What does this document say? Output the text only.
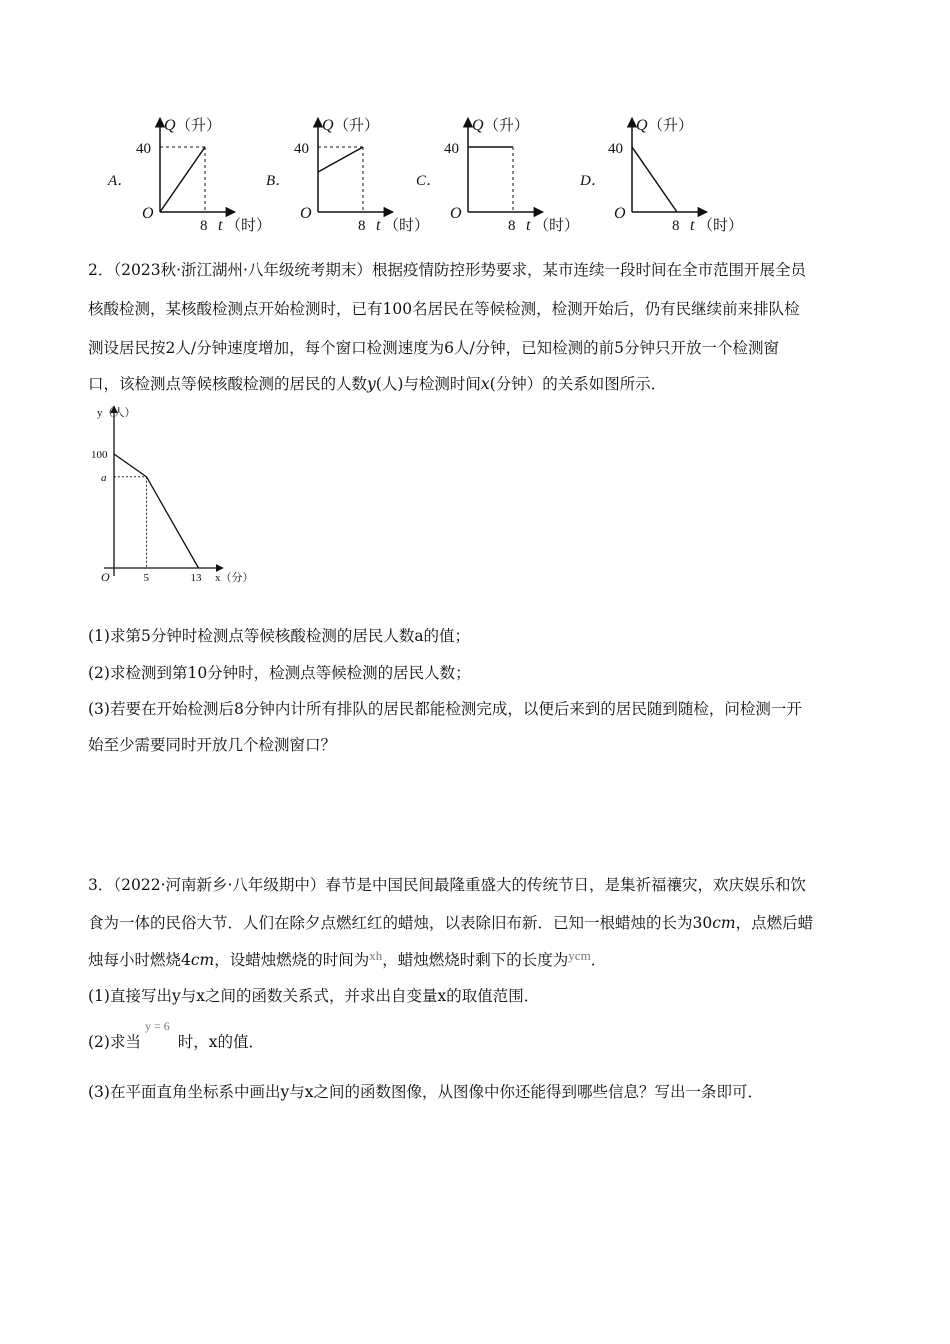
A．
Q （升）
40
O
8 t （时）
B．
Q （升）
40
O
8 t （时）
C．
Q （升）
40
O
8 t （时）
D．
Q （升）
40
O
8 t （时）
2．（2023秋·浙江湖州·八年级统考期末）根据疫情防控形势要求，某市连续一段时间在全市范围开展全员
核酸检测，某核酸检测点开始检测时，已有100名居民在等候检测，检测开始后，仍有民继续前来排队检
测设居民按2人/分钟速度增加，每个窗口检测速度为6人/分钟，已知检测的前5分钟只开放一个检测窗
口，该检测点等候核酸检测的居民的人数y(人)与检测时间x(分钟）的关系如图所示．
y（人）
x（分）
O
100
a
5	13
(1)求第5分钟时检测点等候核酸检测的居民人数a的值；
(2)求检测到第10分钟时，检测点等候检测的居民人数；
(3)若要在开始检测后8分钟内计所有排队的居民都能检测完成，以便后来到的居民随到随检，问检测一开
始至少需要同时开放几个检测窗口？
3．（2022·河南新乡·八年级期中）春节是中国民间最隆重盛大的传统节日，是集祈福禳灾，欢庆娱乐和饮
食为一体的民俗大节．人们在除夕点燃红红的蜡烛，以表除旧布新．已知一根蜡烛的长为30cm，点燃后蜡
烛每小时燃烧4cm，设蜡烛燃烧的时间为$^{xh}$，蜡烛燃烧时剩下的长度为$^{ycm}$．
(1)直接写出y与x之间的函数关系式，并求出自变量x的取值范围．
(2)求当$^{y = 6}$时，x的值．
(3)在平面直角坐标系中画出y与x之间的函数图像，从图像中你还能得到哪些信息？写出一条即可．
